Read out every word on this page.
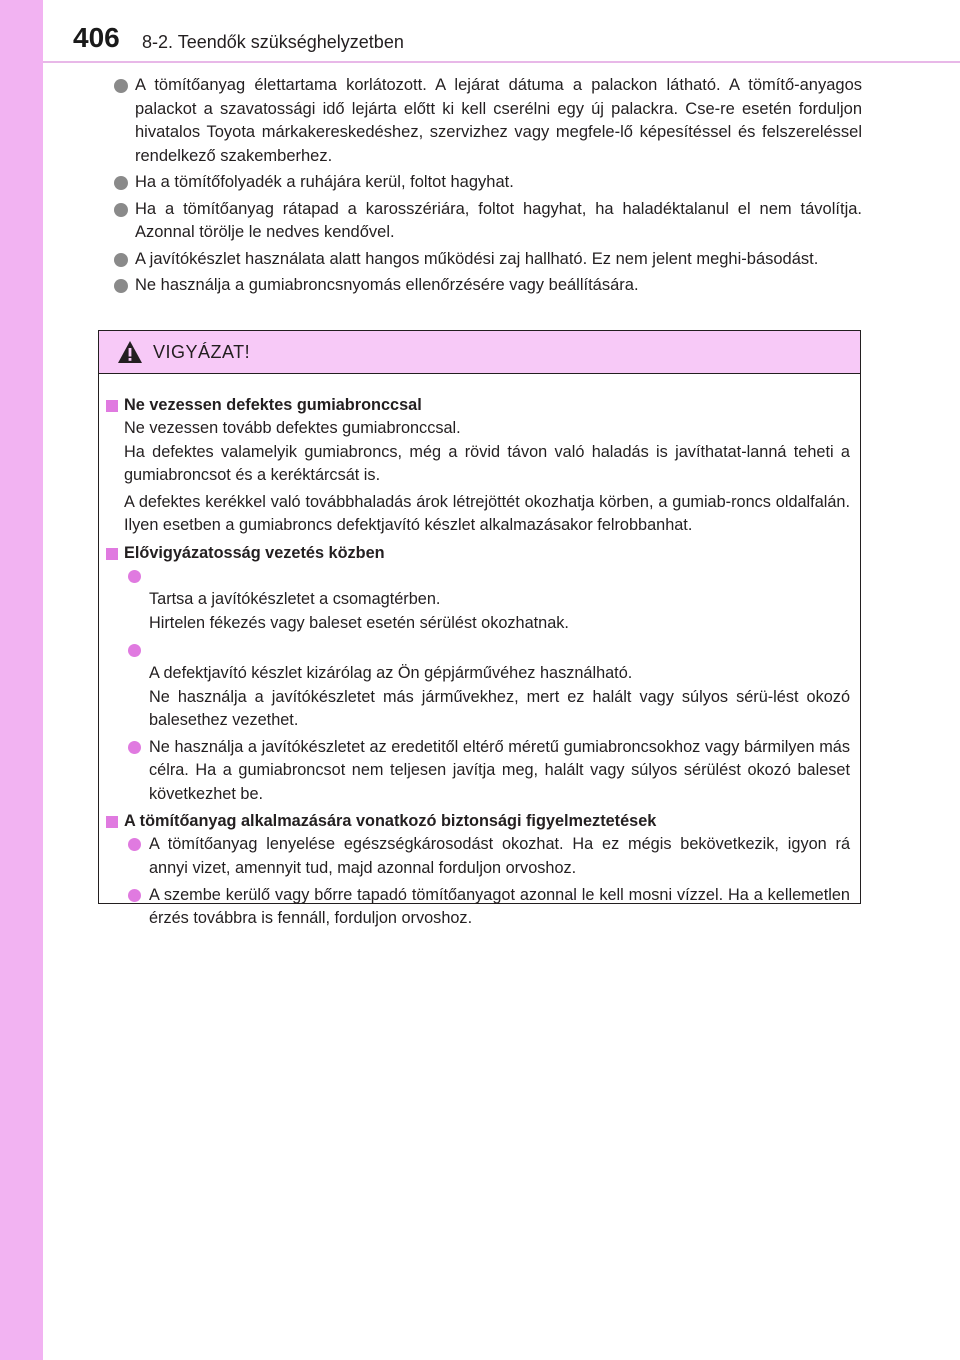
406 8-2. Teendők szükséghelyzetben
A tömítőanyag élettartama korlátozott. A lejárat dátuma a palackon látható. A tömítő-anyagos palackot a szavatossági idő lejárta előtt ki kell cserélni egy új palackra. Cse-re esetén forduljon hivatalos Toyota márkakereskedéshez, szervizhez vagy megfele-lő képesítéssel és felszereléssel rendelkező szakemberhez.
Ha a tömítőfolyadék a ruhájára kerül, foltot hagyhat.
Ha a tömítőanyag rátapad a karosszériára, foltot hagyhat, ha haladéktalanul el nem távolítja. Azonnal törölje le nedves kendővel.
A javítókészlet használata alatt hangos működési zaj hallható. Ez nem jelent meghi-básodást.
Ne használja a gumiabroncsnyomás ellenőrzésére vagy beállítására.
VIGYÁZAT!
Ne vezessen defektes gumiabronccsal
Ne vezessen tovább defektes gumiabronccsal.
Ha defektes valamelyik gumiabroncs, még a rövid távon való haladás is javíthatat-lanná teheti a gumiabroncsot és a keréktárcsát is.
A defektes kerékkel való továbbhaladás árok létrejöttét okozhatja körben, a gumiab-roncs oldalfalán. Ilyen esetben a gumiabroncs defektjavító készlet alkalmazásakor felrobbanhat.
Elővigyázatosság vezetés közben

Tartsa a javítókészletet a csomagtérben.
Hirtelen fékezés vagy baleset esetén sérülést okozhatnak.

A defektjavító készlet kizárólag az Ön gépjárművéhez használható.
Ne használja a javítókészletet más járművekhez, mert ez halált vagy súlyos sérü-lést okozó balesethez vezethet.

Ne használja a javítókészletet az eredetitől eltérő méretű gumiabroncsokhoz vagy bármilyen más célra. Ha a gumiabroncsot nem teljesen javítja meg, halált vagy súlyos sérülést okozó baleset következhet be.
A tömítőanyag alkalmazására vonatkozó biztonsági figyelmeztetések
A tömítőanyag lenyelése egészségkárosodást okozhat. Ha ez mégis bekövetkezik, igyon rá annyi vizet, amennyit tud, majd azonnal forduljon orvoshoz.
A szembe kerülő vagy bőrre tapadó tömítőanyagot azonnal le kell mosni vízzel. Ha a kellemetlen érzés továbbra is fennáll, forduljon orvoshoz.
